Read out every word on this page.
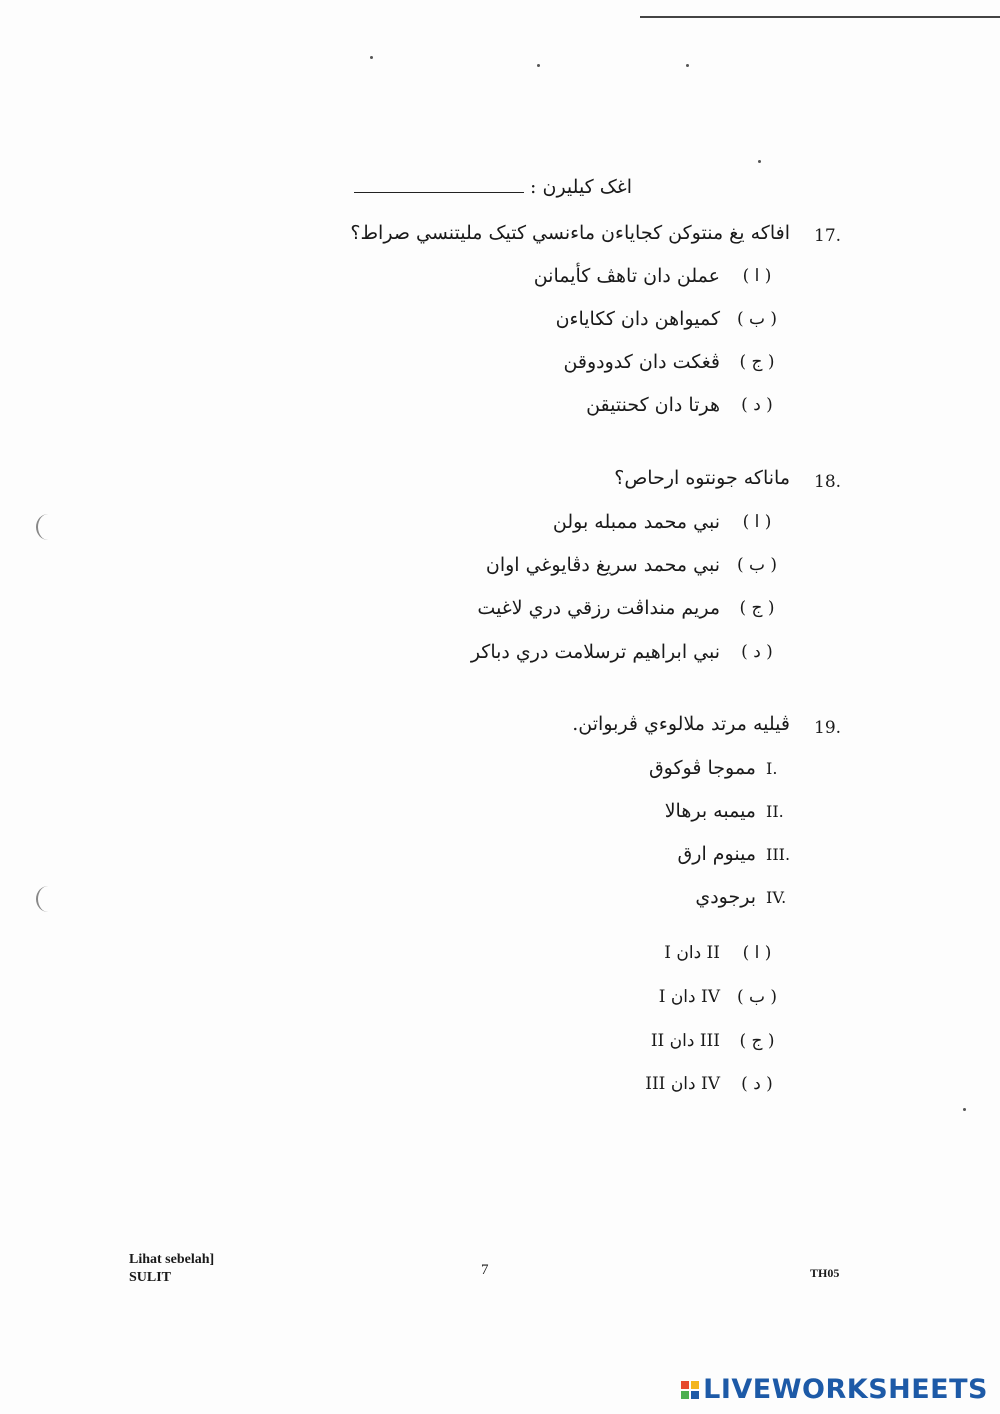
اغک کيليرن :
17.
افاکه يغ منتوکن کجاياءن ماءنسي کتيک مليتنسي صراط؟
( ا )
عملن دان تاهڤ کأيمانن
( ب )
کميواهن دان ککاياءن
( ج )
ڤغکت دان کدودوقن
( د )
هرتا دان کحنتيقن
18.
ماناکه جونتوه ارحاص؟
( ا )
نبي محمد ممبله بولن
( ب )
نبي محمد سريغ دڤايوغي اوان
( ج )
مريم منداڤت رزقي دري لاغيت
( د )
نبي ابراهيم ترسلامت دري دباکر
19.
ڤيليه مرتد ملالوءي ڤربواتن.
I.
مموجا ڤوکوق
II.
ميمبه برهالا
III.
مينوم ارق
IV.
برجودي
( ا )
I دان II
( ب )
I دان IV
( ج )
II دان III
( د )
III دان IV
Lihat sebelah]
SULIT	7	TH05
LIVEWORKSHEETS
